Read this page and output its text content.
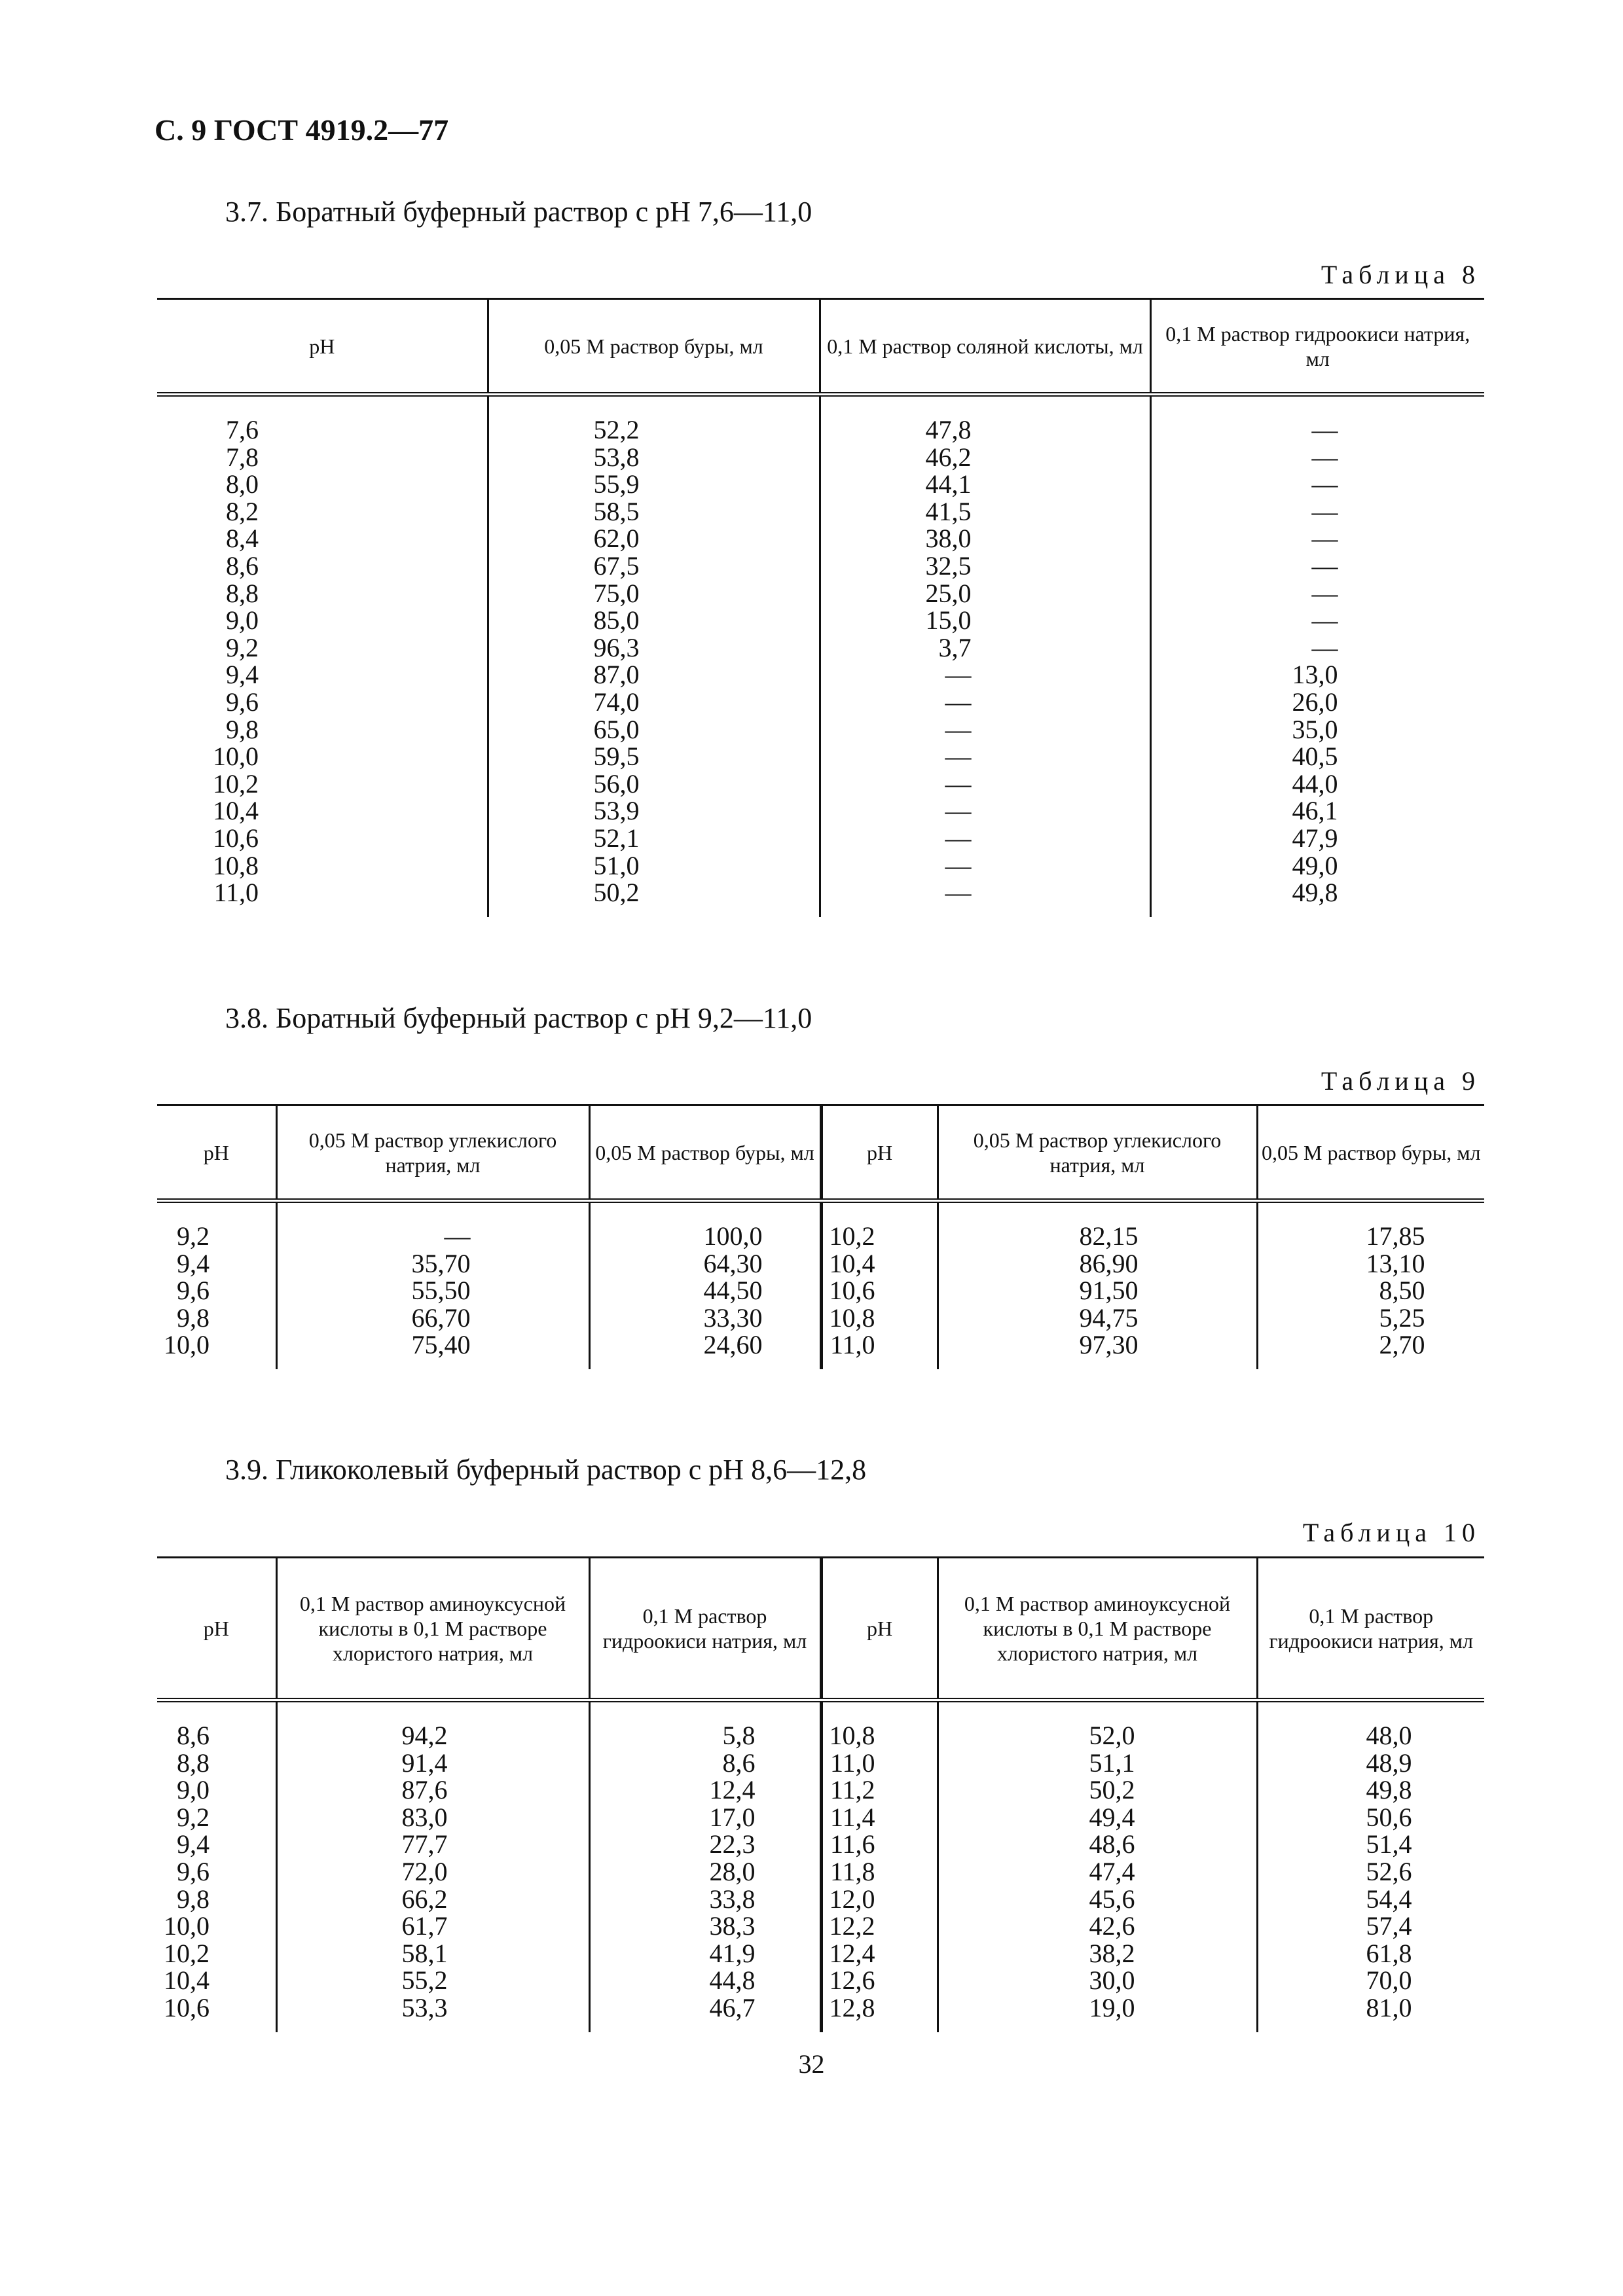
С. 9 ГОСТ 4919.2—77
3.7. Боратный буферный раствор с pH 7,6—11,0
Таблица 8
pH	0,05 M раствор буры, мл	0,1 M раствор соляной кислоты, мл	0,1 M раствор гидроокиси натрия, мл

7,6	52,2	47,8	—
7,8	53,8	46,2	—
8,0	55,9	44,1	—
8,2	58,5	41,5	—
8,4	62,0	38,0	—
8,6	67,5	32,5	—
8,8	75,0	25,0	—
9,0	85,0	15,0	—
9,2	96,3	3,7	—
9,4	87,0	—	13,0
9,6	74,0	—	26,0
9,8	65,0	—	35,0
10,0	59,5	—	40,5
10,2	56,0	—	44,0
10,4	53,9	—	46,1
10,6	52,1	—	47,9
10,8	51,0	—	49,0
11,0	50,2	—	49,8

3.8. Боратный буферный раствор с pH 9,2—11,0
Таблица 9
pH	0,05 M раствор углекислого натрия, мл	0,05 M раствор буры, мл	pH	0,05 M раствор углекислого натрия, мл	0,05 M раствор буры, мл

9,2	—	100,0	10,2	82,15	17,85
9,4	35,70	64,30	10,4	86,90	13,10
9,6	55,50	44,50	10,6	91,50	8,50
9,8	66,70	33,30	10,8	94,75	5,25
10,0	75,40	24,60	11,0	97,30	2,70

3.9. Гликоколевый буферный раствор с pH 8,6—12,8
Таблица 10
pH	0,1 M раствор аминоуксусной кислоты в 0,1 M растворе хлористого натрия, мл	0,1 M раствор гидроокиси натрия, мл	pH	0,1 M раствор аминоуксусной кислоты в 0,1 M растворе хлористого натрия, мл	0,1 M раствор гидроокиси натрия, мл

8,6	94,2	5,8	10,8	52,0	48,0
8,8	91,4	8,6	11,0	51,1	48,9
9,0	87,6	12,4	11,2	50,2	49,8
9,2	83,0	17,0	11,4	49,4	50,6
9,4	77,7	22,3	11,6	48,6	51,4
9,6	72,0	28,0	11,8	47,4	52,6
9,8	66,2	33,8	12,0	45,6	54,4
10,0	61,7	38,3	12,2	42,6	57,4
10,2	58,1	41,9	12,4	38,2	61,8
10,4	55,2	44,8	12,6	30,0	70,0
10,6	53,3	46,7	12,8	19,0	81,0

32
